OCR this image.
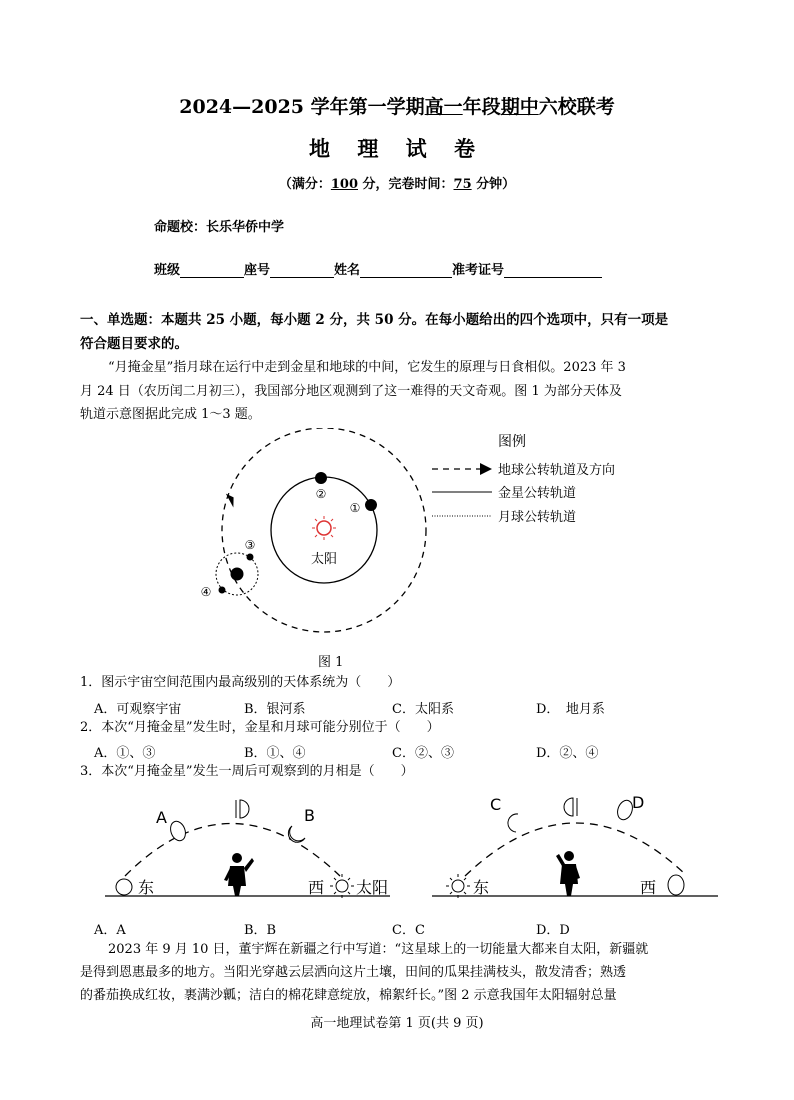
2024—2025 学年第一学期高一年段期中六校联考
地 理 试 卷
（满分：100 分，完卷时间：75 分钟）
命题校：长乐华侨中学
班级	座号	姓名	准考证号
一、单选题：本题共 25 小题，每小题 2 分，共 50 分。在每小题给出的四个选项中，只有一项是
符合题目要求的。
“月掩金星”指月球在运行中走到金星和地球的中间，它发生的原理与日食相似。2023 年 3
月 24 日（农历闰二月初三），我国部分地区观测到了这一难得的天文奇观。图 1 为部分天体及
轨道示意图据此完成 1～3 题。
太阳
②
①
③
④
图例
地球公转轨道及方向
金星公转轨道
月球公转轨道
图 1
1．图示宇宙空间范围内最高级别的天体系统为（　　）
A．可观察宇宙	B．银河系	C．太阳系	D．　地月系
2．本次“月掩金星”发生时，金星和月球可能分别位于（　　）
A．①、③	B．①、④	C．②、③	D．②、④
3．本次“月掩金星”发生一周后可观察到的月相是（　　）
东
A	B
西 太阳	东
C	D
西
A．A	B．B	C．C	D．D
2023 年 9 月 10 日，董宇辉在新疆之行中写道：“这星球上的一切能量大都来自太阳，新疆就
是得到恩惠最多的地方。当阳光穿越云层洒向这片土壤，田间的瓜果挂满枝头，散发清香；熟透
的番茄换成红妆，裹满沙瓤；洁白的棉花肆意绽放，棉絮纤长。”图 2 示意我国年太阳辐射总量
高一地理试卷第 1 页(共 9 页)
